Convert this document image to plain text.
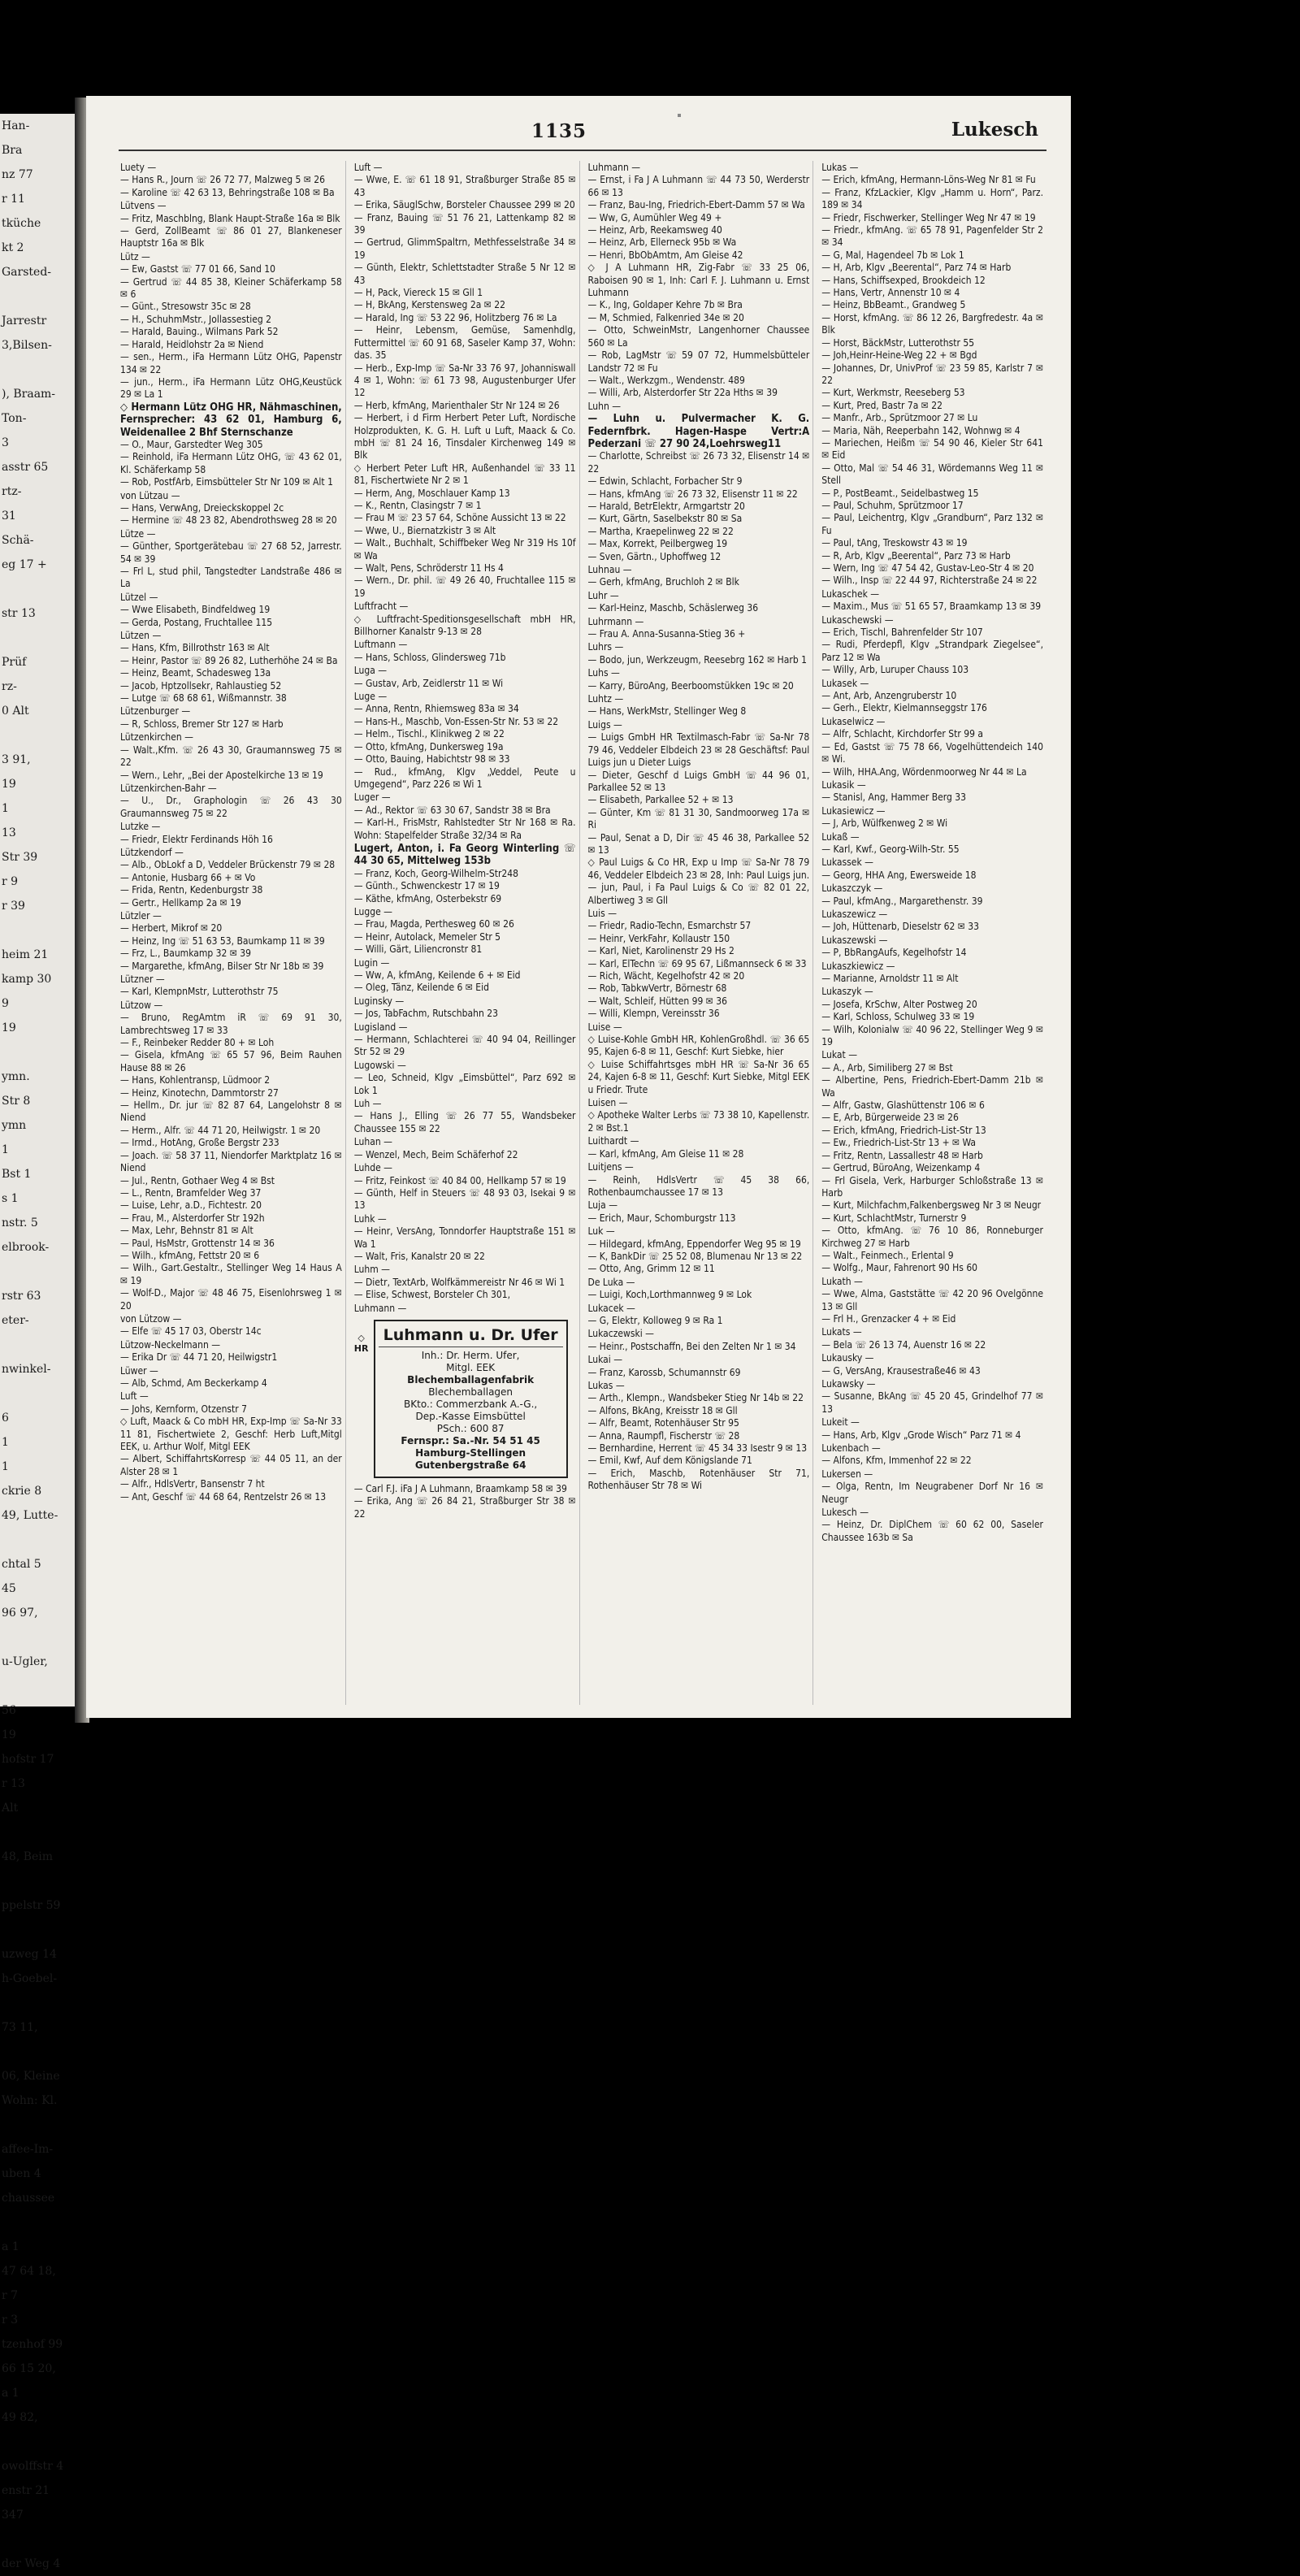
Han-
Bra
nz 77
r 11
tküche
kt 2
Garsted-

Jarrestr
3,Bilsen-

), Braam-
Ton-
3
asstr 65
rtz-
31
Schä-
eg 17 +

str 13

Prüf
rz-
0 Alt

3 91,
19
1
13
Str 39
r 9
r 39

heim 21
kamp 30
9
19

ymn.
Str 8
ymn
1
Bst 1
s 1
nstr. 5
elbrook-

rstr 63
eter-

nwinkel-

6
1
1
ckrie 8
49, Lutte-

chtal 5
45
96 97,

u-Ugler,

56
19
hofstr 17
r 13
Alt

48, Beim

ppelstr 59

uzweg 14
h-Goebel-

73 11,

06, Kleine
Wohn: Kl.

affee-Im-
uben 4
chaussee

a 1
47 64 18,
r 7
r 3
tzenhof 99
66 15 20,
a 1
49 82,

owolffstr 4
enstr 21
347

der Weg 4
1135	Lukesch
Luety —
— Hans R., Journ ☏ 26 72 77, Malzweg 5 ✉ 26
— Karoline ☏ 42 63 13, Behringstraße 108 ✉ Ba
Lütvens —
— Fritz, Maschblng, Blank Haupt-Straße 16a ✉ Blk
— Gerd, ZollBeamt ☏ 86 01 27, Blankeneser Hauptstr 16a ✉ Blk
Lütz —
— Ew, Gastst ☏ 77 01 66, Sand 10
— Gertrud ☏ 44 85 38, Kleiner Schäferkamp 58 ✉ 6
— Günt., Stresowstr 35c ✉ 28
— H., SchuhmMstr., Jollassestieg 2
— Harald, Bauing., Wilmans Park 52
— Harald, Heidlohstr 2a ✉ Niend
— sen., Herm., iFa Hermann Lütz OHG, Papenstr 134 ✉ 22
— jun., Herm., iFa Hermann Lütz OHG,Keustück 29 ✉ La 1
◇ Hermann Lütz OHG HR, Nähmaschinen, Fernsprecher: 43 62 01, Hamburg 6, Weidenallee 2 Bhf Sternschanze
— O., Maur, Garstedter Weg 305
— Reinhold, iFa Hermann Lütz OHG, ☏ 43 62 01, Kl. Schäferkamp 58
— Rob, PostfArb, Eimsbütteler Str Nr 109 ✉ Alt 1
von Lützau —
— Hans, VerwAng, Dreieckskoppel 2c
— Hermine ☏ 48 23 82, Abendrothsweg 28 ✉ 20
Lütze —
— Günther, Sportgerätebau ☏ 27 68 52, Jarrestr. 54 ✉ 39
— Frl L, stud phil, Tangstedter Landstraße 486 ✉ La
Lützel —
— Wwe Elisabeth, Bindfeldweg 19
— Gerda, Postang, Fruchtallee 115
Lützen —
— Hans, Kfm, Billrothstr 163 ✉ Alt
— Heinr, Pastor ☏ 89 26 82, Lutherhöhe 24 ✉ Ba
— Heinz, Beamt, Schadesweg 13a
— Jacob, Hptzollsekr, Rahlaustieg 52
— Lutge ☏ 68 68 61, Wißmannstr. 38
Lützenburger —
— R, Schloss, Bremer Str 127 ✉ Harb
Lützenkirchen —
— Walt.,Kfm. ☏ 26 43 30, Graumannsweg 75 ✉ 22
— Wern., Lehr, „Bei der Apostelkirche 13 ✉ 19
Lützenkirchen-Bahr —
— U., Dr., Graphologin ☏ 26 43 30 Graumannsweg 75 ✉ 22
Lutzke —
— Friedr, Elektr Ferdinands Höh 16
Lützkendorf —
— Alb., ObLokf a D, Veddeler Brückenstr 79 ✉ 28
— Antonie, Husbarg 66 + ✉ Vo
— Frida, Rentn, Kedenburgstr 38
— Gertr., Hellkamp 2a ✉ 19
Lützler —
— Herbert, Mikrof ✉ 20
— Heinz, Ing ☏ 51 63 53, Baumkamp 11 ✉ 39
— Frz, L., Baumkamp 32 ✉ 39
— Margarethe, kfmAng, Bilser Str Nr 18b ✉ 39
Lützner —
— Karl, KlempnMstr, Lutterothstr 75
Lützow —
— Bruno, RegAmtm iR ☏ 69 91 30, Lambrechtsweg 17 ✉ 33
— F., Reinbeker Redder 80 + ✉ Loh
— Gisela, kfmAng ☏ 65 57 96, Beim Rauhen Hause 88 ✉ 26
— Hans, Kohlentransp, Lüdmoor 2
— Heinz, Kinotechn, Dammtorstr 27
— Hellm., Dr. jur ☏ 82 87 64, Langelohstr 8 ✉ Niend
— Herm., Alfr. ☏ 44 71 20, Heilwigstr. 1 ✉ 20
— Irmd., HotAng, Große Bergstr 233
— Joach. ☏ 58 37 11, Niendorfer Marktplatz 16 ✉ Niend
— Jul., Rentn, Gothaer Weg 4 ✉ Bst
— L., Rentn, Bramfelder Weg 37
— Luise, Lehr, a.D., Fichtestr. 20
— Frau, M., Alsterdorfer Str 192h
— Max, Lehr, Behnstr 81 ✉ Alt
— Paul, HsMstr, Grottenstr 14 ✉ 36
— Wilh., kfmAng, Fettstr 20 ✉ 6
— Wilh., Gart.Gestaltr., Stellinger Weg 14 Haus A ✉ 19
— Wolf-D., Major ☏ 48 46 75, Eisenlohrsweg 1 ✉ 20
von Lützow —
— Elfe ☏ 45 17 03, Oberstr 14c
Lützow-Neckelmann —
— Erika Dr ☏ 44 71 20, Heilwigstr1
Lüwer —
— Alb, Schmd, Am Beckerkamp 4
Luft —
— Johs, Kernform, Otzenstr 7
◇ Luft, Maack & Co mbH HR, Exp-Imp ☏ Sa-Nr 33 11 81, Fischertwiete 2, Geschf: Herb Luft,Mitgl EEK, u. Arthur Wolf, Mitgl EEK
— Albert, SchiffahrtsKorresp ☏ 44 05 11, an der Alster 28 ✉ 1
— Alfr., HdlsVertr, Bansenstr 7 ht
— Ant, Geschf ☏ 44 68 64, Rentzelstr 26 ✉ 13
Luft —
— Wwe, E. ☏ 61 18 91, Straßburger Straße 85 ✉ 43
— Erika, SäuglSchw, Borsteler Chaussee 299 ✉ 20
— Franz, Bauing ☏ 51 76 21, Lattenkamp 82 ✉ 39
— Gertrud, GlimmSpaltrn, Methfesselstraße 34 ✉ 19
— Günth, Elektr, Schlettstadter Straße 5 Nr 12 ✉ 43
— H, Pack, Viereck 15 ✉ Gll 1
— H, BkAng, Kerstensweg 2a ✉ 22
— Harald, Ing ☏ 53 22 96, Holitzberg 76 ✉ La
— Heinr, Lebensm, Gemüse, Samenhdlg, Futtermittel ☏ 60 91 68, Saseler Kamp 37, Wohn: das. 35
— Herb., Exp-Imp ☏ Sa-Nr 33 76 97, Johanniswall 4 ✉ 1, Wohn: ☏ 61 73 98, Augustenburger Ufer 12
— Herb, kfmAng, Marienthaler Str Nr 124 ✉ 26
— Herbert, i d Firm Herbert Peter Luft, Nordische Holzprodukten, K. G. H. Luft u Luft, Maack & Co. mbH ☏ 81 24 16, Tinsdaler Kirchenweg 149 ✉ Blk
◇ Herbert Peter Luft HR, Außenhandel ☏ 33 11 81, Fischertwiete Nr 2 ✉ 1
— Herm, Ang, Moschlauer Kamp 13
— K., Rentn, Clasingstr 7 ✉ 1
— Frau M ☏ 23 57 64, Schöne Aussicht 13 ✉ 22
— Wwe, U., Biernatzkistr 3 ✉ Alt
— Walt., Buchhalt, Schiffbeker Weg Nr 319 Hs 10f ✉ Wa
— Walt, Pens, Schröderstr 11 Hs 4
— Wern., Dr. phil. ☏ 49 26 40, Fruchtallee 115 ✉ 19
Luftfracht —
◇ Luftfracht-Speditionsgesellschaft mbH HR, Billhorner Kanalstr 9-13 ✉ 28
Luftmann —
— Hans, Schloss, Glindersweg 71b
Luga —
— Gustav, Arb, Zeidlerstr 11 ✉ Wi
Luge —
— Anna, Rentn, Rhiemsweg 83a ✉ 34
— Hans-H., Maschb, Von-Essen-Str Nr. 53 ✉ 22
— Helm., Tischl., Klinikweg 2 ✉ 22
— Otto, kfmAng, Dunkersweg 19a
— Otto, Bauing, Habichtstr 98 ✉ 33
— Rud., kfmAng, Klgv „Veddel, Peute u Umgegend“, Parz 226 ✉ Wi 1
Luger —
— Ad., Rektor ☏ 63 30 67, Sandstr 38 ✉ Bra
— Karl-H., FrisMstr, Rahlstedter Str Nr 168 ✉ Ra. Wohn: Stapelfelder Straße 32/34 ✉ Ra
Lugert, Anton, i. Fa Georg Winterling ☏ 44 30 65, Mittelweg 153b
— Franz, Koch, Georg-Wilhelm-Str248
— Günth., Schwenckestr 17 ✉ 19
— Käthe, kfmAng, Osterbekstr 69
Lugge —
— Frau, Magda, Perthesweg 60 ✉ 26
— Heinr, Autolack, Memeler Str 5
— Willi, Gärt, Liliencronstr 81
Lugin —
— Ww, A, kfmAng, Keilende 6 + ✉ Eid
— Oleg, Tänz, Keilende 6 ✉ Eid
Luginsky —
— Jos, TabFachm, Rutschbahn 23
Lugisland —
— Hermann, Schlachterei ☏ 40 94 04, Reillinger Str 52 ✉ 29
Lugowski —
— Leo, Schneid, Klgv „Eimsbüttel“, Parz 692 ✉ Lok 1
Luh —
— Hans J., Elling ☏ 26 77 55, Wandsbeker Chaussee 155 ✉ 22
Luhan —
— Wenzel, Mech, Beim Schäferhof 22
Luhde —
— Fritz, Feinkost ☏ 40 84 00, Hellkamp 57 ✉ 19
— Günth, Helf in Steuers ☏ 48 93 03, Isekai 9 ✉ 13
Luhk —
— Heinr, VersAng, Tonndorfer Hauptstraße 151 ✉ Wa 1
— Walt, Fris, Kanalstr 20 ✉ 22
Luhm —
— Dietr, TextArb, Wolfkämmereistr Nr 46 ✉ Wi 1
— Elise, Schwest, Borsteler Ch 301,
Luhmann —
◇
HR
Luhmann u. Dr. Ufer
Inh.: Dr. Herm. Ufer,
Mitgl. EEK
Blechemballagenfabrik
Blechemballagen
BKto.: Commerzbank A.-G.,
Dep.-Kasse Eimsbüttel
PSch.: 600 87
Fernspr.: Sa.-Nr. 54 51 45
Hamburg-Stellingen
Gutenbergstraße 64
— Carl F.J. iFa J A Luhmann, Braamkamp 58 ✉ 39
— Erika, Ang ☏ 26 84 21, Straßburger Str 38 ✉ 22
Luhmann —
— Ernst, i Fa J A Luhmann ☏ 44 73 50, Werderstr 66 ✉ 13
— Franz, Bau-Ing, Friedrich-Ebert-Damm 57 ✉ Wa
— Ww, G, Aumühler Weg 49 +
— Heinz, Arb, Reekamsweg 40
— Heinz, Arb, Ellerneck 95b ✉ Wa
— Henri, BbObAmtm, Am Gleise 42
◇ J A Luhmann HR, Zig-Fabr ☏ 33 25 06, Raboisen 90 ✉ 1, Inh: Carl F. J. Luhmann u. Ernst Luhmann
— K., Ing, Goldaper Kehre 7b ✉ Bra
— M, Schmied, Falkenried 34e ✉ 20
— Otto, SchweinMstr, Langenhorner Chaussee 560 ✉ La
— Rob, LagMstr ☏ 59 07 72, Hummelsbütteler Landstr 72 ✉ Fu
— Walt., Werkzgm., Wendenstr. 489
— Willi, Arb, Alsterdorfer Str 22a Hths ✉ 39
Luhn —
— Luhn u. Pulvermacher K. G. Federnfbrk. Hagen-Haspe Vertr:A Pederzani ☏ 27 90 24,Loehrsweg11
— Charlotte, Schreibst ☏ 26 73 32, Elisenstr 14 ✉ 22
— Edwin, Schlacht, Forbacher Str 9
— Hans, kfmAng ☏ 26 73 32, Elisenstr 11 ✉ 22
— Harald, BetrElektr, Armgartstr 20
— Kurt, Gärtn, Saselbekstr 80 ✉ Sa
— Martha, Kraepelinweg 22 ✉ 22
— Max, Korrekt, Peilbergweg 19
— Sven, Gärtn., Uphoffweg 12
Luhnau —
— Gerh, kfmAng, Bruchloh 2 ✉ Blk
Luhr —
— Karl-Heinz, Maschb, Schäslerweg 36
Luhrmann —
— Frau A. Anna-Susanna-Stieg 36 +
Luhrs —
— Bodo, jun, Werkzeugm, Reesebrg 162 ✉ Harb 1
Luhs —
— Karry, BüroAng, Beerboomstükken 19c ✉ 20
Luhtz —
— Hans, WerkMstr, Stellinger Weg 8
Luigs —
— Luigs GmbH HR Textilmasch-Fabr ☏ Sa-Nr 78 79 46, Veddeler Elbdeich 23 ✉ 28 Geschäftsf: Paul Luigs jun u Dieter Luigs
— Dieter, Geschf d Luigs GmbH ☏ 44 96 01, Parkallee 52 ✉ 13
— Elisabeth, Parkallee 52 + ✉ 13
— Günter, Km ☏ 81 31 30, Sandmoorweg 17a ✉ Ri
— Paul, Senat a D, Dir ☏ 45 46 38, Parkallee 52 ✉ 13
◇ Paul Luigs & Co HR, Exp u Imp ☏ Sa-Nr 78 79 46, Veddeler Elbdeich 23 ✉ 28, Inh: Paul Luigs jun.
— jun, Paul, i Fa Paul Luigs & Co ☏ 82 01 22, Albertiweg 3 ✉ Gll
Luis —
— Friedr, Radio-Techn, Esmarchstr 57
— Heinr, VerkFahr, Kollaustr 150
— Karl, Niet, Karolinenstr 29 Hs 2
— Karl, ElTechn ☏ 69 95 67, Lißmannseck 6 ✉ 33
— Rich, Wächt, Kegelhofstr 42 ✉ 20
— Rob, TabkwVertr, Börnestr 68
— Walt, Schleif, Hütten 99 ✉ 36
— Willi, Klempn, Vereinsstr 36
Luise —
◇ Luise-Kohle GmbH HR, KohlenGroßhdl. ☏ 36 65 95, Kajen 6-8 ✉ 11, Geschf: Kurt Siebke, hier
◇ Luise Schiffahrtsges mbH HR ☏ Sa-Nr 36 65 24, Kajen 6-8 ✉ 11, Geschf: Kurt Siebke, Mitgl EEK u Friedr. Trute
Luisen —
◇ Apotheke Walter Lerbs ☏ 73 38 10, Kapellenstr. 2 ✉ Bst.1
Luithardt —
— Karl, kfmAng, Am Gleise 11 ✉ 28
Luitjens —
— Reinh, HdlsVertr ☏ 45 38 66, Rothenbaumchaussee 17 ✉ 13
Luja —
— Erich, Maur, Schomburgstr 113
Luk —
— Hildegard, kfmAng, Eppendorfer Weg 95 ✉ 19
— K, BankDir ☏ 25 52 08, Blumenau Nr 13 ✉ 22
— Otto, Ang, Grimm 12 ✉ 11
De Luka —
— Luigi, Koch,Lorthmannweg 9 ✉ Lok
Lukacek —
— G, Elektr, Kolloweg 9 ✉ Ra 1
Lukaczewski —
— Heinr., Postschaffn, Bei den Zelten Nr 1 ✉ 34
Lukai —
— Franz, Karossb, Schumannstr 69
Lukas —
— Arth., Klempn., Wandsbeker Stieg Nr 14b ✉ 22
— Alfons, BkAng, Kreisstr 18 ✉ Gll
— Alfr, Beamt, Rotenhäuser Str 95
— Anna, Raumpfl, Fischerstr ☏ 28
— Bernhardine, Herrent ☏ 45 34 33 Isestr 9 ✉ 13
— Emil, Kwf, Auf dem Königslande 71
— Erich, Maschb, Rotenhäuser Str 71, Rothenhäuser Str 78 ✉ Wi
Lukas —
— Erich, kfmAng, Hermann-Löns-Weg Nr 81 ✉ Fu
— Franz, KfzLackier, Klgv „Hamm u. Horn“, Parz. 189 ✉ 34
— Friedr, Fischwerker, Stellinger Weg Nr 47 ✉ 19
— Friedr., kfmAng. ☏ 65 78 91, Pagenfelder Str 2 ✉ 34
— G, Mal, Hagendeel 7b ✉ Lok 1
— H, Arb, Klgv „Beerental“, Parz 74 ✉ Harb
— Hans, Schiffsexped, Brookdeich 12
— Hans, Vertr, Annenstr 10 ✉ 4
— Heinz, BbBeamt., Grandweg 5
— Horst, kfmAng. ☏ 86 12 26, Bargfredestr. 4a ✉ Blk
— Horst, BäckMstr, Lutterothstr 55
— Joh,Heinr-Heine-Weg 22 + ✉ Bgd
— Johannes, Dr, UnivProf ☏ 23 59 85, Karlstr 7 ✉ 22
— Kurt, Werkmstr, Reeseberg 53
— Kurt, Pred, Bastr 7a ✉ 22
— Manfr., Arb., Sprützmoor 27 ✉ Lu
— Maria, Näh, Reeperbahn 142, Wohnwg ✉ 4
— Mariechen, Heißm ☏ 54 90 46, Kieler Str 641 ✉ Eid
— Otto, Mal ☏ 54 46 31, Wördemanns Weg 11 ✉ Stell
— P., PostBeamt., Seidelbastweg 15
— Paul, Schuhm, Sprützmoor 17
— Paul, Leichentrg, Klgv „Grandburn“, Parz 132 ✉ Fu
— Paul, tAng, Treskowstr 43 ✉ 19
— R, Arb, Klgv „Beerental“, Parz 73 ✉ Harb
— Wern, Ing ☏ 47 54 42, Gustav-Leo-Str 4 ✉ 20
— Wilh., Insp ☏ 22 44 97, Richterstraße 24 ✉ 22
Lukaschek —
— Maxim., Mus ☏ 51 65 57, Braamkamp 13 ✉ 39
Lukaschewski —
— Erich, Tischl, Bahrenfelder Str 107
— Rudi, Pferdepfl, Klgv „Strandpark Ziegelsee“, Parz 12 ✉ Wa
— Willy, Arb, Luruper Chauss 103
Lukasek —
— Ant, Arb, Anzengruberstr 10
— Gerh., Elektr, Kielmannseggstr 176
Lukaselwicz —
— Alfr, Schlacht, Kirchdorfer Str 99 a
— Ed, Gastst ☏ 75 78 66, Vogelhüttendeich 140 ✉ Wi.
— Wilh, HHA.Ang, Wördenmoorweg Nr 44 ✉ La
Lukasik —
— Stanisl, Ang, Hammer Berg 33
Lukasiewicz —
— J, Arb, Wülfkenweg 2 ✉ Wi
Lukaß —
— Karl, Kwf., Georg-Wilh-Str. 55
Lukassek —
— Georg, HHA Ang, Ewersweide 18
Lukaszczyk —
— Paul, kfmAng., Margarethenstr. 39
Lukaszewicz —
— Joh, Hüttenarb, Dieselstr 62 ✉ 33
Lukaszewski —
— P, BbRangAufs, Kegelhofstr 14
Lukaszkiewicz —
— Marianne, Arnoldstr 11 ✉ Alt
Lukaszyk —
— Josefa, KrSchw, Alter Postweg 20
— Karl, Schloss, Schulweg 33 ✉ 19
— Wilh, Kolonialw ☏ 40 96 22, Stellinger Weg 9 ✉ 19
Lukat —
— A., Arb, Similiberg 27 ✉ Bst
— Albertine, Pens, Friedrich-Ebert-Damm 21b ✉ Wa
— Alfr, Gastw, Glashüttenstr 106 ✉ 6
— E, Arb, Bürgerweide 23 ✉ 26
— Erich, kfmAng, Friedrich-List-Str 13
— Ew., Friedrich-List-Str 13 + ✉ Wa
— Fritz, Rentn, Lassallestr 48 ✉ Harb
— Gertrud, BüroAng, Weizenkamp 4
— Frl Gisela, Verk, Harburger Schloßstraße 13 ✉ Harb
— Kurt, Milchfachm,Falkenbergsweg Nr 3 ✉ Neugr
— Kurt, SchlachtMstr, Turnerstr 9
— Otto, kfmAng. ☏ 76 10 86, Ronneburger Kirchweg 27 ✉ Harb
— Walt., Feinmech., Erlental 9
— Wolfg., Maur, Fahrenort 90 Hs 60
Lukath —
— Wwe, Alma, Gaststätte ☏ 42 20 96 Ovelgönne 13 ✉ Gll
— Frl H., Grenzacker 4 + ✉ Eid
Lukats —
— Bela ☏ 26 13 74, Auenstr 16 ✉ 22
Lukausky —
— G, VersAng, Krausestraße46 ✉ 43
Lukawsky —
— Susanne, BkAng ☏ 45 20 45, Grindelhof 77 ✉ 13
Lukeit —
— Hans, Arb, Klgv „Grode Wisch“ Parz 71 ✉ 4
Lukenbach —
— Alfons, Kfm, Immenhof 22 ✉ 22
Lukersen —
— Olga, Rentn, Im Neugrabener Dorf Nr 16 ✉ Neugr
Lukesch —
— Heinz, Dr. DiplChem ☏ 60 62 00, Saseler Chaussee 163b ✉ Sa
